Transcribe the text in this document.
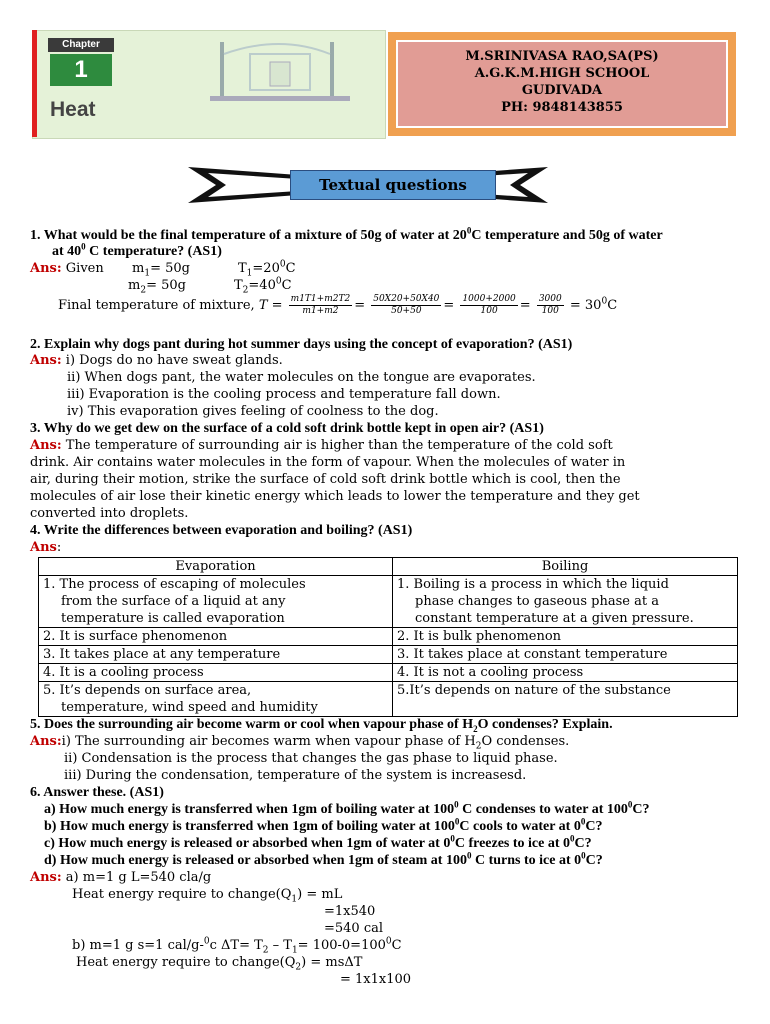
Chapter
1
Heat
M.SRINIVASA RAO,SA(PS)
A.G.K.M.HIGH SCHOOL
GUDIVADA
PH: 9848143855
Textual questions
1. What would be the final temperature of a mixture of 50g of water at $20^0C$ temperature and 50g of water
at $40^0$ C temperature? (AS1)
Ans: Given $m_1= 50g$	$T_1=20^0C$
$m_2= 50g$	$T_2=40^0C$
Final temperature of mixture, $T = \frac{m1T1+m2T2}{m1+m2} = \frac{50X20+50X40}{50+50} = \frac{1000+2000}{100} = \frac{3000}{100} = 30^0C$
2. Explain why dogs pant during hot summer days using the concept of evaporation? (AS1)
Ans: i) Dogs do no have sweat glands.
ii) When dogs pant, the water molecules on the tongue are evaporates.
iii) Evaporation is the cooling process and temperature fall down.
iv) This evaporation gives feeling of coolness to the dog.
3. Why do we get dew on the surface of a cold soft drink bottle kept in open air? (AS1)
Ans: The temperature of surrounding air is higher than the temperature of the cold soft
drink. Air contains water molecules in the form of vapour. When the molecules of water in
air, during their motion, strike the surface of cold soft drink bottle which is cool, then the
molecules of air lose their kinetic energy which leads to lower the temperature and they get
converted into droplets.
4. Write the differences between evaporation and boiling? (AS1)
Ans:
Evaporation	Boiling
1. The process of escaping of molecules
from the surface of a liquid at any
temperature is called evaporation	1. Boiling is a process in which the liquid
phase changes to gaseous phase at a
constant temperature at a given pressure.

2. It is surface phenomenon	2. It is bulk phenomenon
3. It takes place at any temperature	3. It takes place at constant temperature
4. It is a cooling process	4. It is not a cooling process
5. It’s depends on surface area,
temperature, wind speed and humidity	5.It’s depends on nature of the substance
5. Does the surrounding air become warm or cool when vapour phase of $H_2O$ condenses? Explain.
Ans:i) The surrounding air becomes warm when vapour phase of $H_2O$ condenses.
ii) Condensation is the process that changes the gas phase to liquid phase.
iii) During the condensation, temperature of the system is increasesd.
6. Answer these. (AS1)
a) How much energy is transferred when 1gm of boiling water at $100^0$ C condenses to water at $100^0C$?
b) How much energy is transferred when 1gm of boiling water at $100^0C$ cools to water at $0^0C$?
c) How much energy is released or absorbed when 1gm of water at $0^0C$ freezes to ice at $0^0C$?
d) How much energy is released or absorbed when 1gm of steam at $100^0$ C turns to ice at $0^0C$?
Ans: a) m=1 g L=540 cla/g
Heat energy require to $change(Q_1)$ = mL
=1x540
=540 cal
b) m=1 g s=1 cal/g-$^0$c $\Delta T= T_2 - T_1= 100-0=100^0C$
Heat energy require to $change(Q_2) = ms\Delta T$
= 1x1x100
